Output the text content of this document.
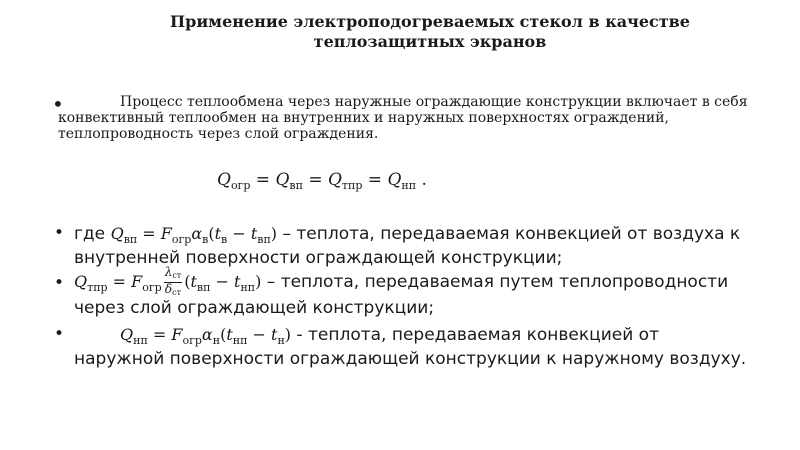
Применение электроподогреваемых стекол в качестве
теплозащитных экранов
•	Процесс теплообмена через наружные ограждающие конструкции включает в себя конвективный теплообмен на внутренних и наружных поверхностях ограждений, теплопроводность через слой ограждения.
$Q_{огр} = Q_{вп} = Q_{тпр} = Q_{нп}$ .
• где $Q_{вп} = F_{огр}\alpha_в(t_в - t_{вп})$ – теплота, передаваемая конвекцией от воздуха к внутренней поверхности ограждающей конструкции;
• $Q_{тпр} = F_{огр} \frac{\lambda_{ст}}{\delta_{ст}} (t_{вп} - t_{нп})$ – теплота, передаваемая путем теплопроводности через слой ограждающей конструкции;
•	$Q_{нп} = F_{огр}\alpha_н(t_{нп} - t_н)$ - теплота, передаваемая конвекцией от наружной поверхности ограждающей конструкции к наружному воздуху.
